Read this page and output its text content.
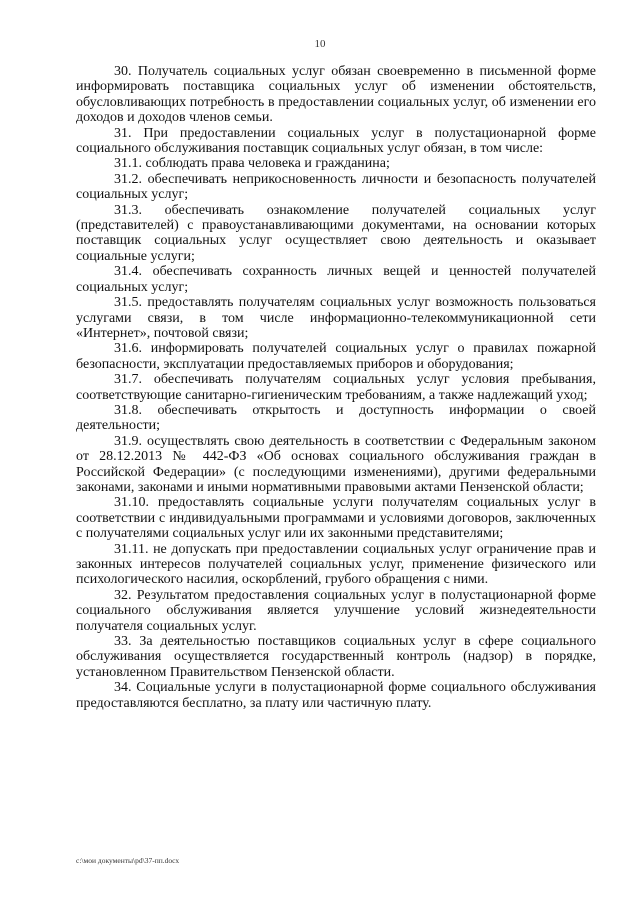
10

30. Получатель социальных услуг обязан своевременно в письменной форме информировать поставщика социальных услуг об изменении обстоятельств, обусловливающих потребность в предоставлении социальных услуг, об изменении его доходов и доходов членов семьи.

31. При предоставлении социальных услуг в полустационарной форме социального обслуживания поставщик социальных услуг обязан, в том числе:

31.1. соблюдать права человека и гражданина;

31.2. обеспечивать неприкосновенность личности и безопасность получателей социальных услуг;

31.3. обеспечивать ознакомление получателей социальных услуг (представителей) с правоустанавливающими документами, на основании которых поставщик социальных услуг осуществляет свою деятельность и оказывает социальные услуги;

31.4. обеспечивать сохранность личных вещей и ценностей получателей социальных услуг;

31.5. предоставлять получателям социальных услуг возможность пользоваться услугами связи, в том числе информационно-телекоммуникационной сети «Интернет», почтовой связи;

31.6. информировать получателей социальных услуг о правилах пожарной безопасности, эксплуатации предоставляемых приборов и оборудования;

31.7. обеспечивать получателям социальных услуг условия пребывания, соответствующие санитарно-гигиеническим требованиям, а также надлежащий уход;

31.8. обеспечивать открытость и доступность информации о своей деятельности;

31.9. осуществлять свою деятельность в соответствии с Федеральным законом от 28.12.2013 № 442-ФЗ «Об основах социального обслуживания граждан в Российской Федерации» (с последующими изменениями), другими федеральными законами, законами и иными нормативными правовыми актами Пензенской области;

31.10. предоставлять социальные услуги получателям социальных услуг в соответствии с индивидуальными программами и условиями договоров, заключенных с получателями социальных услуг или их законными представителями;

31.11. не допускать при предоставлении социальных услуг ограничение прав и законных интересов получателей социальных услуг, применение физического или психологического насилия, оскорблений, грубого обращения с ними.

32. Результатом предоставления социальных услуг в полустационарной форме социального обслуживания является улучшение условий жизнедеятельности получателя социальных услуг.

33. За деятельностью поставщиков социальных услуг в сфере социального обслуживания осуществляется государственный контроль (надзор) в порядке, установленном Правительством Пензенской области.

34. Социальные услуги в полустационарной форме социального обслуживания предоставляются бесплатно, за плату или частичную плату.

c:\мои документы\pd\37-пп.docx
